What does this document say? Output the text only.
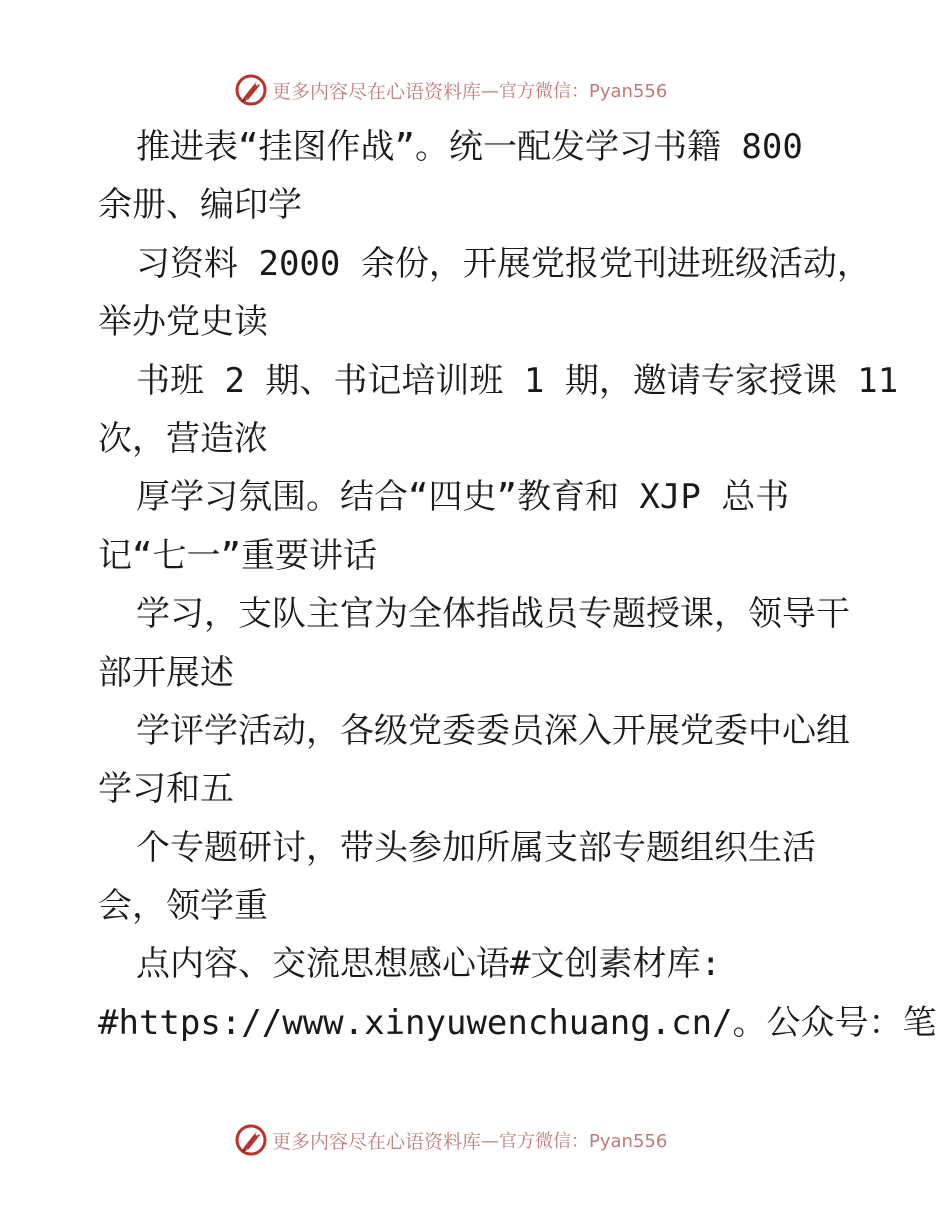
更多内容尽在心语资料库 —官方微信：Pyan556
推进表“挂图作战”。统一配发学习书籍 800
余册、编印学
习资料 2000 余份，开展党报党刊进班级活动，
举办党史读
书班 2 期、书记培训班 1 期，邀请专家授课 11
次，营造浓
厚学习氛围。结合“四史”教育和 XJP 总书
记“七一”重要讲话
学习，支队主官为全体指战员专题授课，领导干
部开展述
学评学活动，各级党委委员深入开展党委中心组
学习和五
个专题研讨，带头参加所属支部专题组织生活
会，领学重
点内容、交流思想感心语#文创素材库:
#https://www.xinyuwenchuang.cn/。公众号：笔
更多内容尽在心语资料库 —官方微信：Pyan556
